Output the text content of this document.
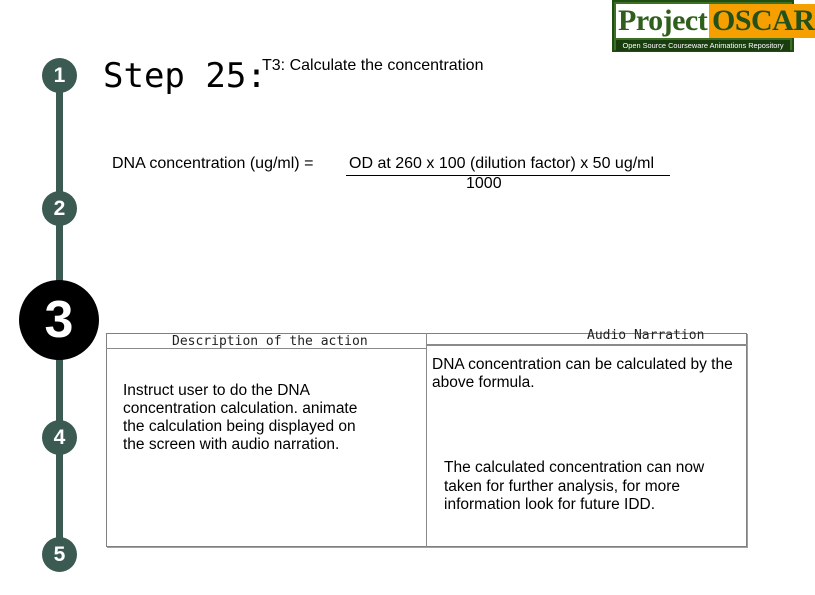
Project OSCAR
Open Source Courseware Animations Repository
1
2
3
4
5
Step 25:
T3: Calculate the concentration
DNA concentration (ug/ml) = OD at 260 x 100 (dilution factor) x 50 ug/ml
1000
Description of the action	Audio Narration
Instruct user to do the DNA concentration calculation. animate the calculation being displayed on the screen with audio narration.
DNA concentration can be calculated by the above formula.
The calculated concentration can now taken for further analysis, for more information look for future IDD.
